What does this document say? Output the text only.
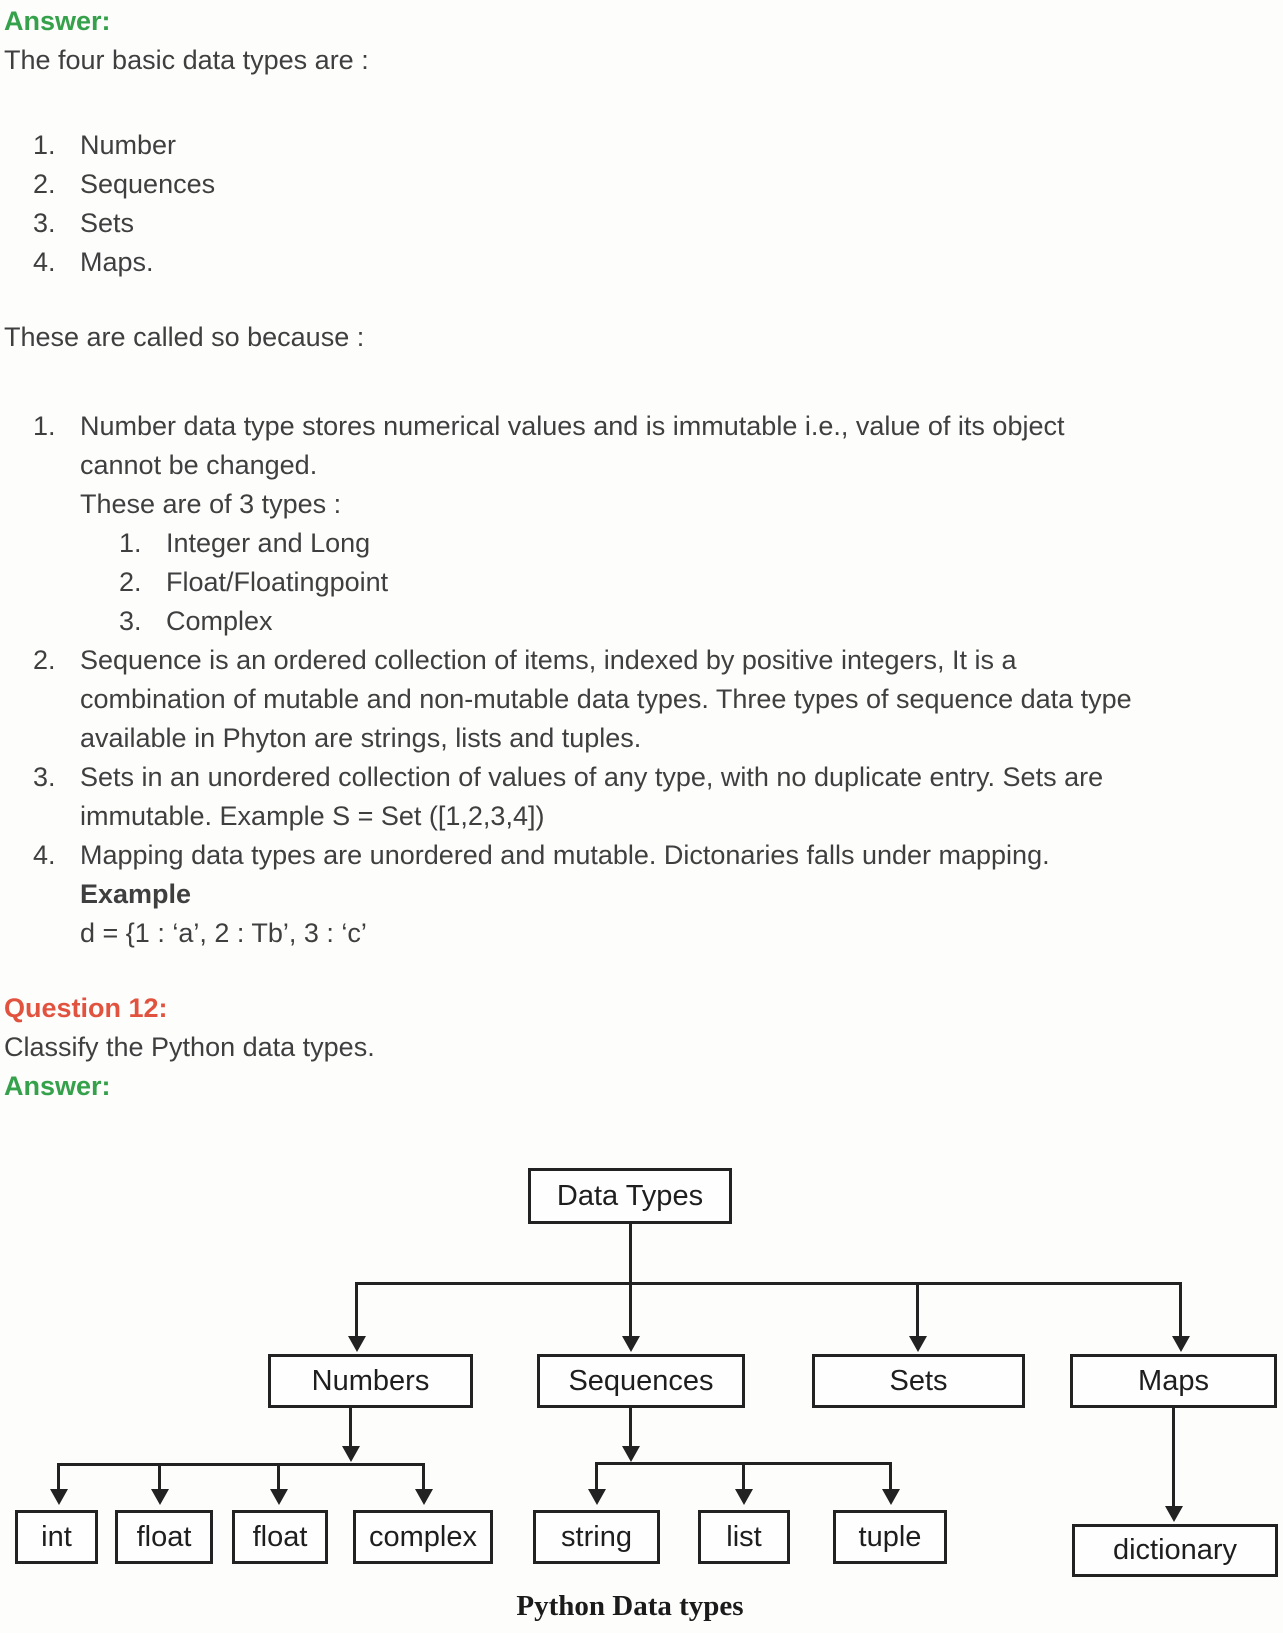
Answer:
The four basic data types are :
1. Number
2. Sequences
3. Sets
4. Maps.
These are called so because :
1. Number data type stores numerical values and is immutable i.e., value of its object
cannot be changed.
These are of 3 types :
1. Integer and Long
2. Float/Floatingpoint
3. Complex
2. Sequence is an ordered collection of items, indexed by positive integers, It is a
combination of mutable and non-mutable data types. Three types of sequence data type
available in Phyton are strings, lists and tuples.
3. Sets in an unordered collection of values of any type, with no duplicate entry. Sets are
immutable. Example S = Set ([1,2,3,4])
4. Mapping data types are unordered and mutable. Dictonaries falls under mapping.
Example
d = {1 : ‘a’, 2 : Tb’, 3 : ‘c’
Question 12:
Classify the Python data types.
Answer:
Data Types
Numbers	Sequences	Sets	Maps
int	float	float	complex	string	list	tuple	dictionary
Python Data types
